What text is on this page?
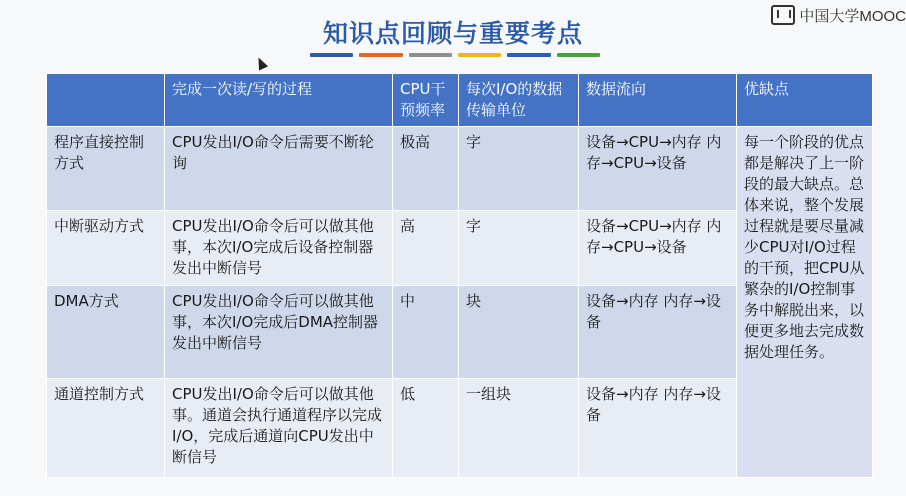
知识点回顾与重要考点
中国大学MOOC
	完成一次读/写的过程	CPU干预频率	每次I/O的数据传输单位	数据流向	优缺点
程序直接控制方式	CPU发出I/O命令后需要不断轮询	极高	字	设备→CPU→内存 内存→CPU→设备	每一个阶段的优点都是解决了上一阶段的最大缺点。总体来说，整个发展过程就是要尽量减少CPU对I/O过程的干预，把CPU从繁杂的I/O控制事务中解脱出来，以便更多地去完成数据处理任务。
中断驱动方式	CPU发出I/O命令后可以做其他事，本次I/O完成后设备控制器发出中断信号	高	字	设备→CPU→内存 内存→CPU→设备	
DMA方式	CPU发出I/O命令后可以做其他事，本次I/O完成后DMA控制器发出中断信号	中	块	设备→内存 内存→设备	
通道控制方式	CPU发出I/O命令后可以做其他事。通道会执行通道程序以完成I/O，完成后通道向CPU发出中断信号	低	一组块	设备→内存 内存→设备	
